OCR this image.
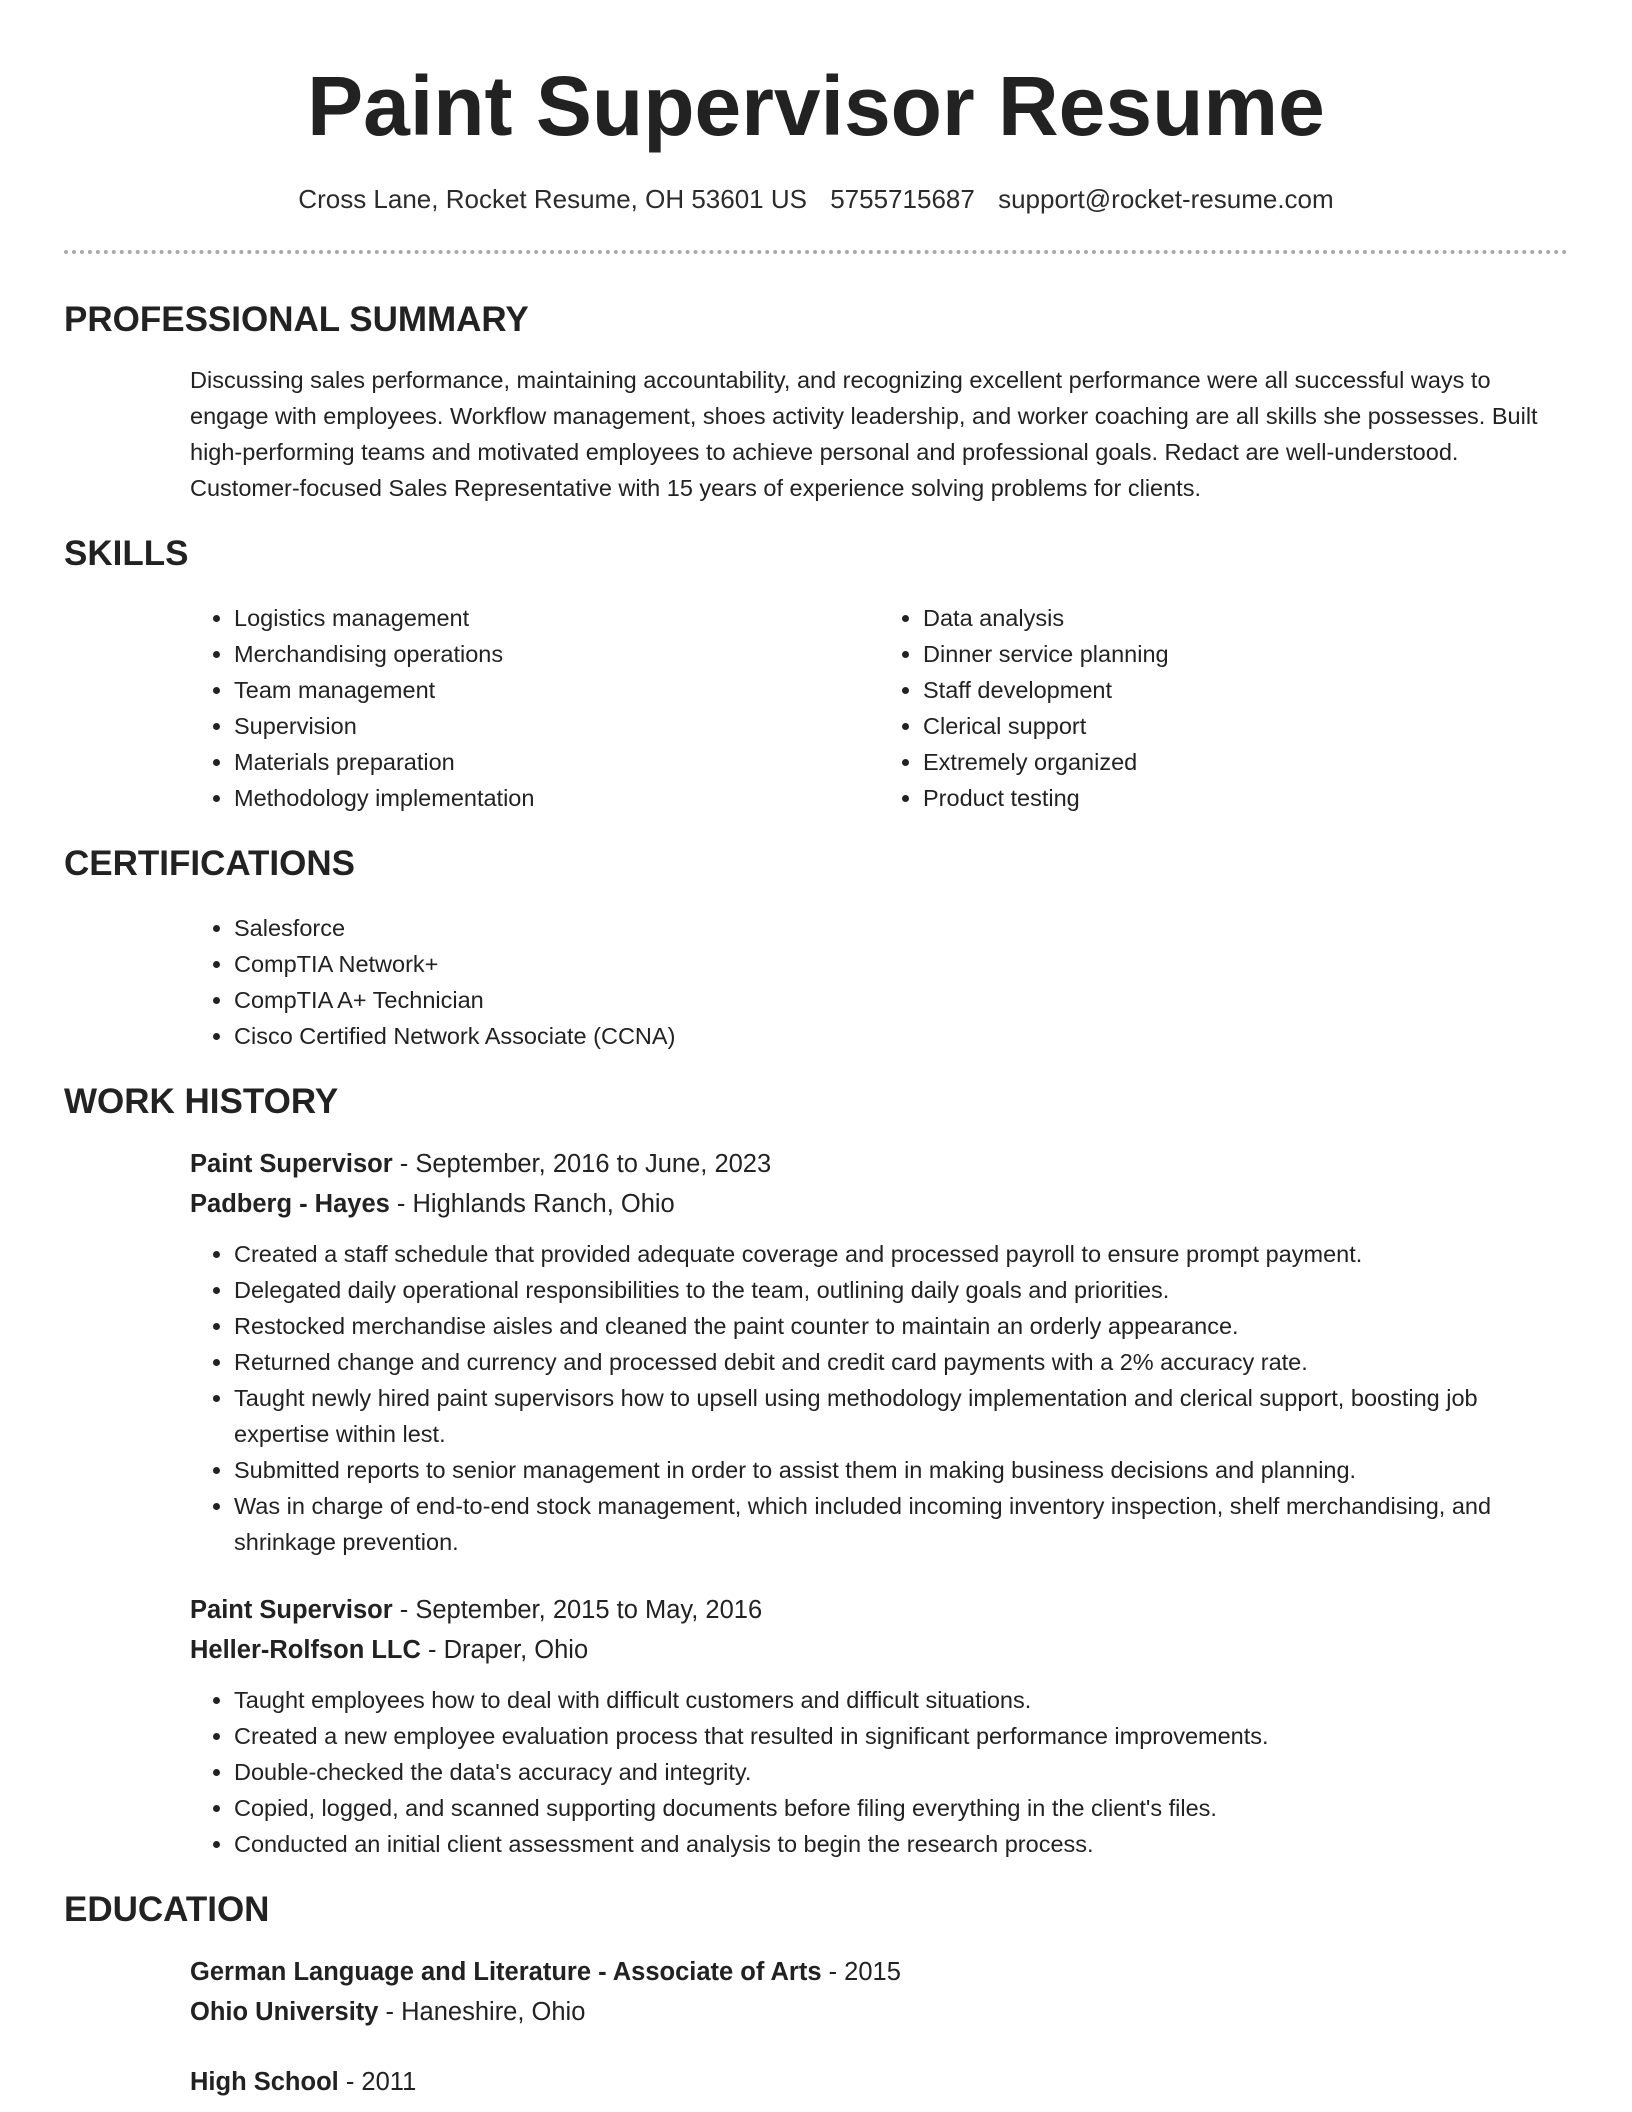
Paint Supervisor Resume
Cross Lane, Rocket Resume, OH 53601 US 5755715687 support@rocket-resume.com
PROFESSIONAL SUMMARY

Discussing sales performance, maintaining accountability, and recognizing excellent performance were all successful ways to engage with employees. Workflow management, shoes activity leadership, and worker coaching are all skills she possesses. Built high-performing teams and motivated employees to achieve personal and professional goals. Redact are well-understood. Customer-focused Sales Representative with 15 years of experience solving problems for clients.

SKILLS
• Logistics management
• Merchandising operations
• Team management
• Supervision
• Materials preparation
• Methodology implementation
• Data analysis
• Dinner service planning
• Staff development
• Clerical support
• Extremely organized
• Product testing
CERTIFICATIONS
• Salesforce
• CompTIA Network+
• CompTIA A+ Technician
• Cisco Certified Network Associate (CCNA)
WORK HISTORY
Paint Supervisor - September, 2016 to June, 2023
Padberg - Hayes - Highlands Ranch, Ohio
• Created a staff schedule that provided adequate coverage and processed payroll to ensure prompt payment.
• Delegated daily operational responsibilities to the team, outlining daily goals and priorities.
• Restocked merchandise aisles and cleaned the paint counter to maintain an orderly appearance.
• Returned change and currency and processed debit and credit card payments with a 2% accuracy rate.
• Taught newly hired paint supervisors how to upsell using methodology implementation and clerical support, boosting job expertise within lest.
• Submitted reports to senior management in order to assist them in making business decisions and planning.
• Was in charge of end-to-end stock management, which included incoming inventory inspection, shelf merchandising, and shrinkage prevention.
Paint Supervisor - September, 2015 to May, 2016
Heller-Rolfson LLC - Draper, Ohio
• Taught employees how to deal with difficult customers and difficult situations.
• Created a new employee evaluation process that resulted in significant performance improvements.
• Double-checked the data's accuracy and integrity.
• Copied, logged, and scanned supporting documents before filing everything in the client's files.
• Conducted an initial client assessment and analysis to begin the research process.
EDUCATION
German Language and Literature - Associate of Arts - 2015
Ohio University - Haneshire, Ohio
High School - 2011
